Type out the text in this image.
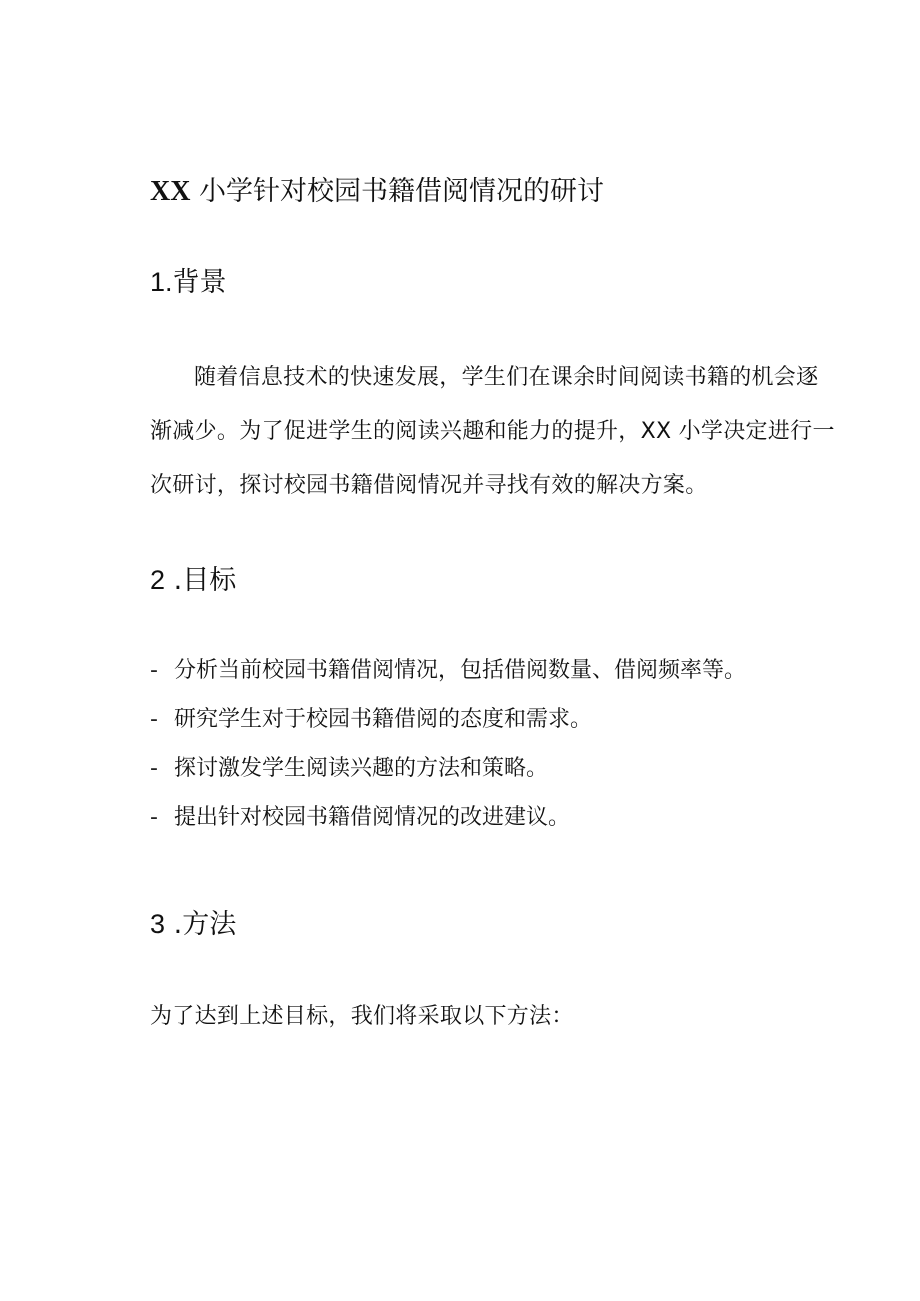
XX 小学针对校园书籍借阅情况的研讨
1.背景

随着信息技术的快速发展，学生们在课余时间阅读书籍的机会逐
渐减少。为了促进学生的阅读兴趣和能力的提升，XX 小学决定进行一
次研讨，探讨校园书籍借阅情况并寻找有效的解决方案。

2 .目标
- 分析当前校园书籍借阅情况，包括借阅数量、借阅频率等。
- 研究学生对于校园书籍借阅的态度和需求。
- 探讨激发学生阅读兴趣的方法和策略。
- 提出针对校园书籍借阅情况的改进建议。
3 .方法

为了达到上述目标，我们将采取以下方法：
